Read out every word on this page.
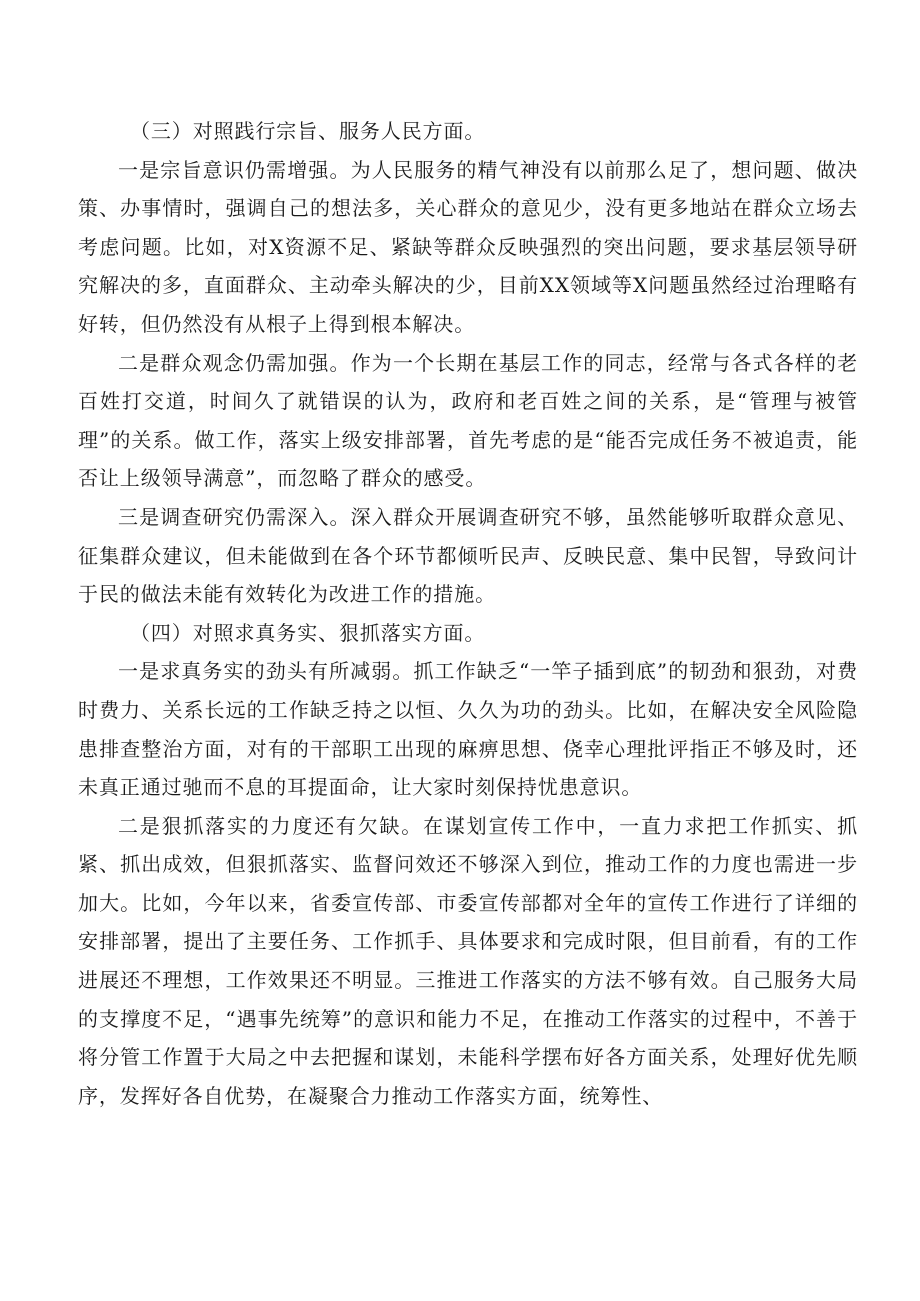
（三）对照践行宗旨、服务人民方面。

一是宗旨意识仍需增强。为人民服务的精气神没有以前那么足了，想问题、做决策、办事情时，强调自己的想法多，关心群众的意见少，没有更多地站在群众立场去考虑问题。比如，对X资源不足、紧缺等群众反映强烈的突出问题，要求基层领导研究解决的多，直面群众、主动牵头解决的少，目前XX领域等X问题虽然经过治理略有好转，但仍然没有从根子上得到根本解决。

二是群众观念仍需加强。作为一个长期在基层工作的同志，经常与各式各样的老百姓打交道，时间久了就错误的认为，政府和老百姓之间的关系，是“管理与被管理”的关系。做工作，落实上级安排部署，首先考虑的是“能否完成任务不被追责，能否让上级领导满意”，而忽略了群众的感受。

三是调查研究仍需深入。深入群众开展调查研究不够，虽然能够听取群众意见、征集群众建议，但未能做到在各个环节都倾听民声、反映民意、集中民智，导致问计于民的做法未能有效转化为改进工作的措施。

（四）对照求真务实、狠抓落实方面。

一是求真务实的劲头有所减弱。抓工作缺乏“一竿子插到底”的韧劲和狠劲，对费时费力、关系长远的工作缺乏持之以恒、久久为功的劲头。比如，在解决安全风险隐患排查整治方面，对有的干部职工出现的麻痹思想、侥幸心理批评指正不够及时，还未真正通过驰而不息的耳提面命，让大家时刻保持忧患意识。

二是狠抓落实的力度还有欠缺。在谋划宣传工作中，一直力求把工作抓实、抓紧、抓出成效，但狠抓落实、监督问效还不够深入到位，推动工作的力度也需进一步加大。比如，今年以来，省委宣传部、市委宣传部都对全年的宣传工作进行了详细的安排部署，提出了主要任务、工作抓手、具体要求和完成时限，但目前看，有的工作进展还不理想，工作效果还不明显。三推进工作落实的方法不够有效。自己服务大局的支撑度不足，“遇事先统筹”的意识和能力不足，在推动工作落实的过程中，不善于将分管工作置于大局之中去把握和谋划，未能科学摆布好各方面关系，处理好优先顺序，发挥好各自优势，在凝聚合力推动工作落实方面，统筹性、
